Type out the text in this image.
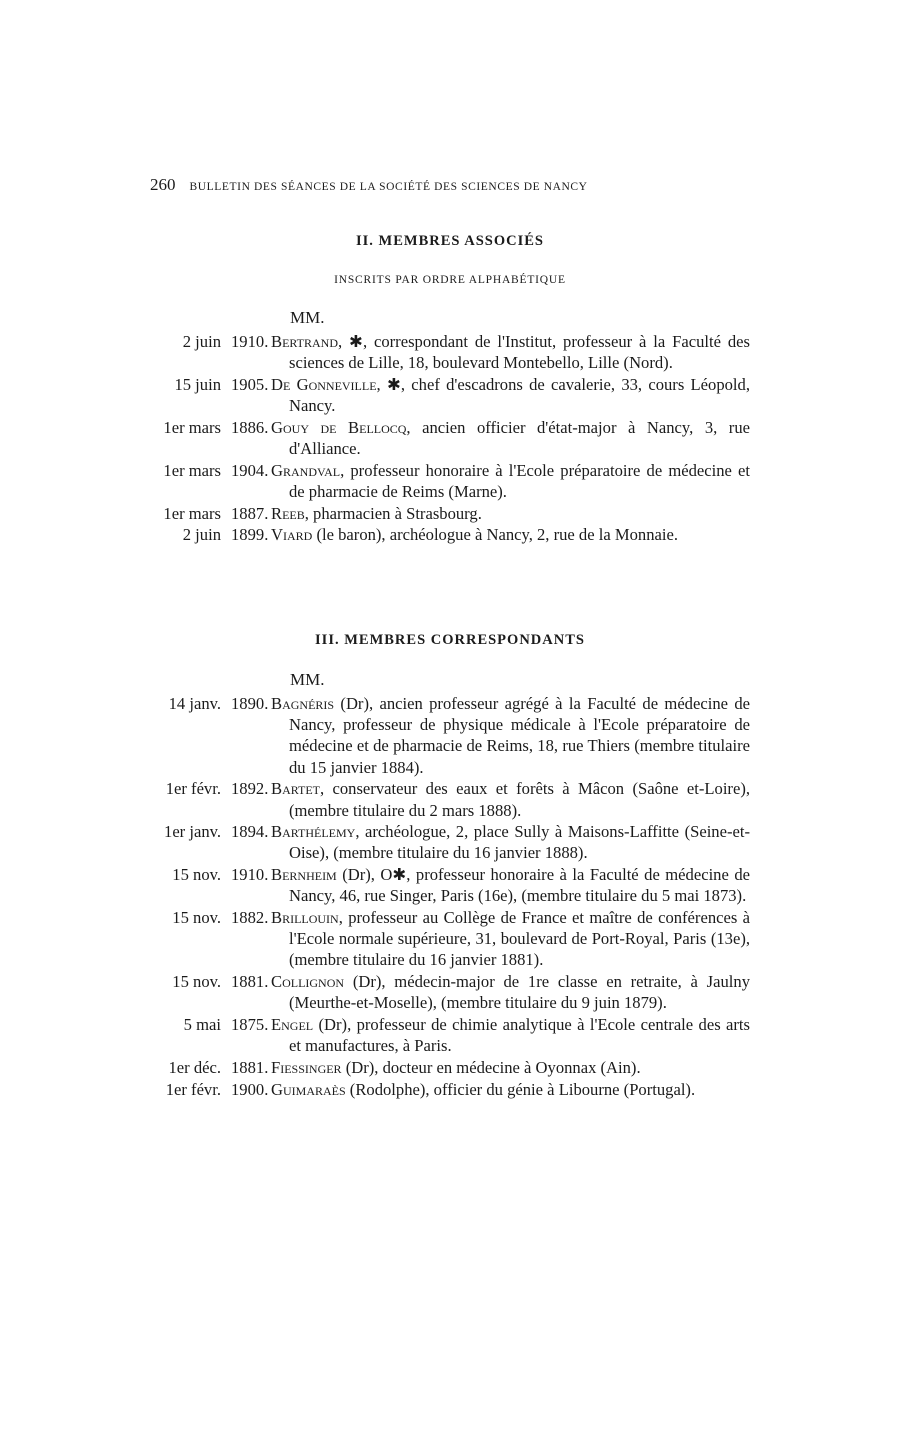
260 BULLETIN DES SÉANCES DE LA SOCIÉTÉ DES SCIENCES DE NANCY
II. MEMBRES ASSOCIÉS
INSCRITS PAR ORDRE ALPHABÉTIQUE
MM.
2 juin 1910. Bertrand, ✱, correspondant de l'Institut, professeur à la Faculté des sciences de Lille, 18, boulevard Montebello, Lille (Nord).
15 juin 1905. De Gonneville, ✱, chef d'escadrons de cavalerie, 33, cours Léopold, Nancy.
1er mars 1886. Gouy de Bellocq, ancien officier d'état-major à Nancy, 3, rue d'Alliance.
1er mars 1904. Grandval, professeur honoraire à l'Ecole préparatoire de médecine et de pharmacie de Reims (Marne).
1er mars 1887. Reeb, pharmacien à Strasbourg.
2 juin 1899. Viard (le baron), archéologue à Nancy, 2, rue de la Monnaie.
III. MEMBRES CORRESPONDANTS
MM.
14 janv. 1890. Bagnéris (Dr), ancien professeur agrégé à la Faculté de médecine de Nancy, professeur de physique médicale à l'Ecole préparatoire de médecine et de pharmacie de Reims, 18, rue Thiers (membre titulaire du 15 janvier 1884).
1er févr. 1892. Bartet, conservateur des eaux et forêts à Mâcon (Saône et-Loire), (membre titulaire du 2 mars 1888).
1er janv. 1894. Barthélemy, archéologue, 2, place Sully à Maisons-Laffitte (Seine-et-Oise), (membre titulaire du 16 janvier 1888).
15 nov. 1910. Bernheim (Dr), O✱, professeur honoraire à la Faculté de médecine de Nancy, 46, rue Singer, Paris (16e), (membre titulaire du 5 mai 1873).
15 nov. 1882. Brillouin, professeur au Collège de France et maître de conférences à l'Ecole normale supérieure, 31, boulevard de Port-Royal, Paris (13e), (membre titulaire du 16 janvier 1881).
15 nov. 1881. Collignon (Dr), médecin-major de 1re classe en retraite, à Jaulny (Meurthe-et-Moselle), (membre titulaire du 9 juin 1879).
5 mai 1875. Engel (Dr), professeur de chimie analytique à l'Ecole centrale des arts et manufactures, à Paris.
1er déc. 1881. Fiessinger (Dr), docteur en médecine à Oyonnax (Ain).
1er févr. 1900. Guimaraès (Rodolphe), officier du génie à Libourne (Portugal).
